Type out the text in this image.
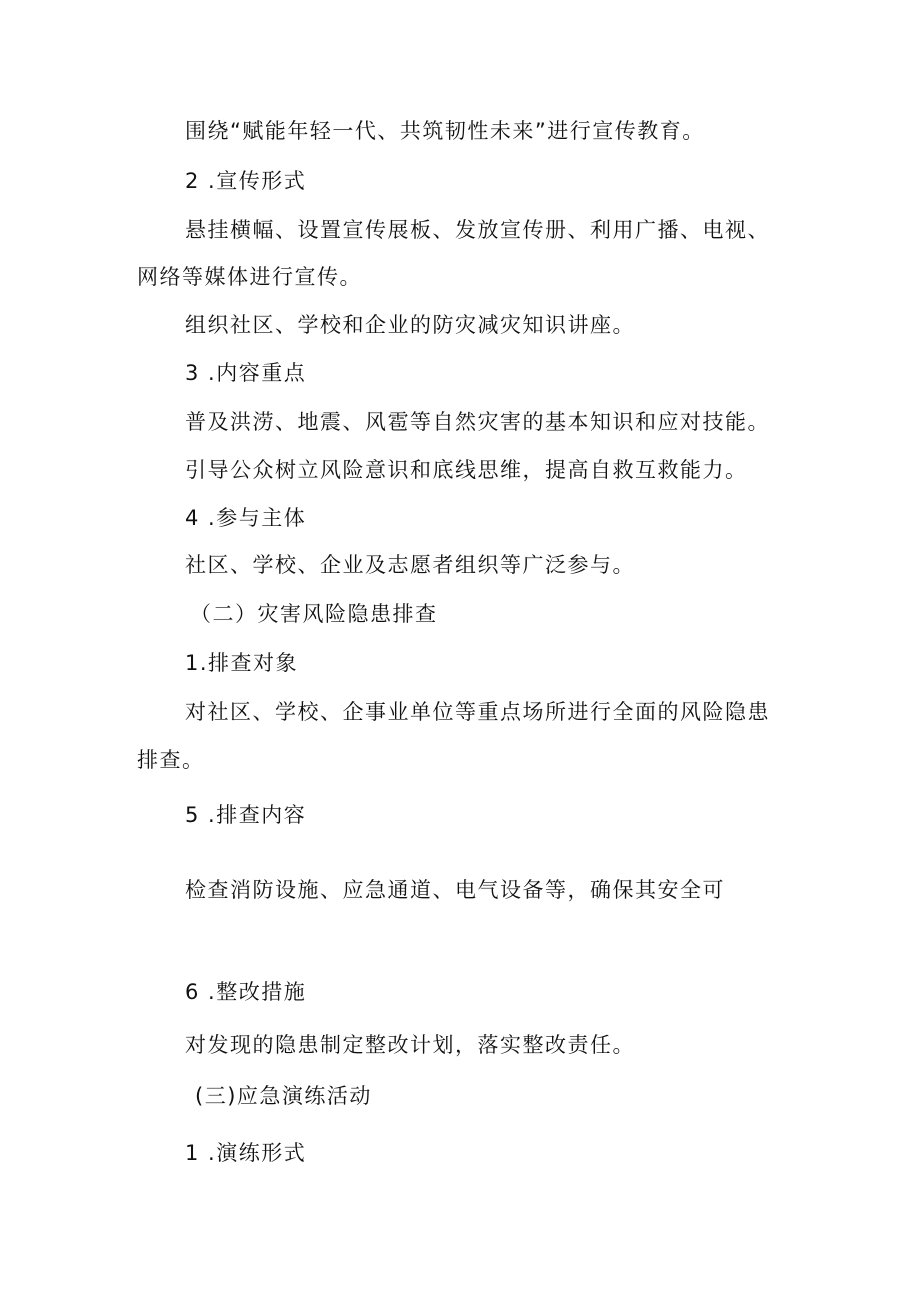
围绕“赋能年轻一代、共筑韧性未来”进行宣传教育。
2 .宣传形式
悬挂横幅、设置宣传展板、发放宣传册、利用广播、电视、
网络等媒体进行宣传。
组织社区、学校和企业的防灾减灾知识讲座。
3 .内容重点
普及洪涝、地震、风雹等自然灾害的基本知识和应对技能。
引导公众树立风险意识和底线思维，提高自救互救能力。
4 .参与主体
社区、学校、企业及志愿者组织等广泛参与。
（二）灾害风险隐患排查
1.排查对象
对社区、学校、企事业单位等重点场所进行全面的风险隐患
排查。
5 .排查内容
检查消防设施、应急通道、电气设备等，确保其安全可
6 .整改措施
对发现的隐患制定整改计划，落实整改责任。
(三)应急演练活动
1 .演练形式
